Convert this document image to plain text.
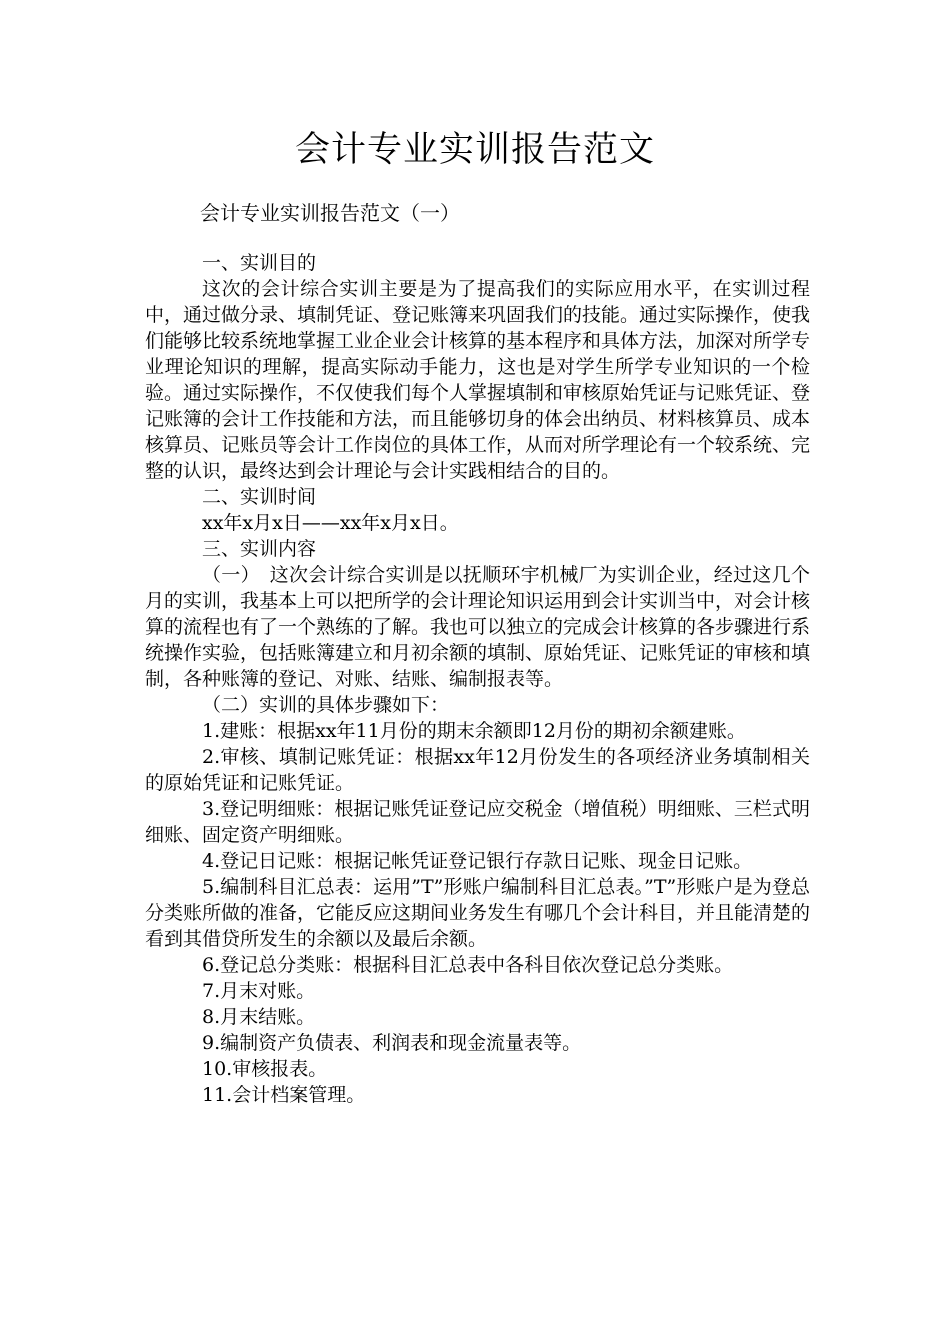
会计专业实训报告范文
会计专业实训报告范文（一）

一、实训目的

这次的会计综合实训主要是为了提高我们的实际应用水平，在实训过程中，通过做分录、填制凭证、登记账簿来巩固我们的技能。通过实际操作，使我们能够比较系统地掌握工业企业会计核算的基本程序和具体方法，加深对所学专业理论知识的理解，提高实际动手能力，这也是对学生所学专业知识的一个检验。通过实际操作，不仅使我们每个人掌握填制和审核原始凭证与记账凭证、登记账簿的会计工作技能和方法，而且能够切身的体会出纳员、材料核算员、成本核算员、记账员等会计工作岗位的具体工作，从而对所学理论有一个较系统、完整的认识，最终达到会计理论与会计实践相结合的目的。

二、实训时间

xx年x月x日——xx年x月x日。

三、实训内容

（一）　这次会计综合实训是以抚顺环宇机械厂为实训企业，经过这几个月的实训，我基本上可以把所学的会计理论知识运用到会计实训当中，对会计核算的流程也有了一个熟练的了解。我也可以独立的完成会计核算的各步骤进行系统操作实验，包括账簿建立和月初余额的填制、原始凭证、记账凭证的审核和填制，各种账簿的登记、对账、结账、编制报表等。

（二）实训的具体步骤如下：

1.建账：根据xx年11月份的期末余额即12月份的期初余额建账。

2.审核、填制记账凭证：根据xx年12月份发生的各项经济业务填制相关的原始凭证和记账凭证。

3.登记明细账：根据记账凭证登记应交税金（增值税）明细账、三栏式明细账、固定资产明细账。

4.登记日记账：根据记帐凭证登记银行存款日记账、现金日记账。

5.编制科目汇总表：运用”T”形账户编制科目汇总表。”T”形账户是为登总分类账所做的准备，它能反应这期间业务发生有哪几个会计科目，并且能清楚的看到其借贷所发生的余额以及最后余额。

6.登记总分类账：根据科目汇总表中各科目依次登记总分类账。

7.月末对账。

8.月末结账。

9.编制资产负债表、利润表和现金流量表等。

10.审核报表。

11.会计档案管理。
